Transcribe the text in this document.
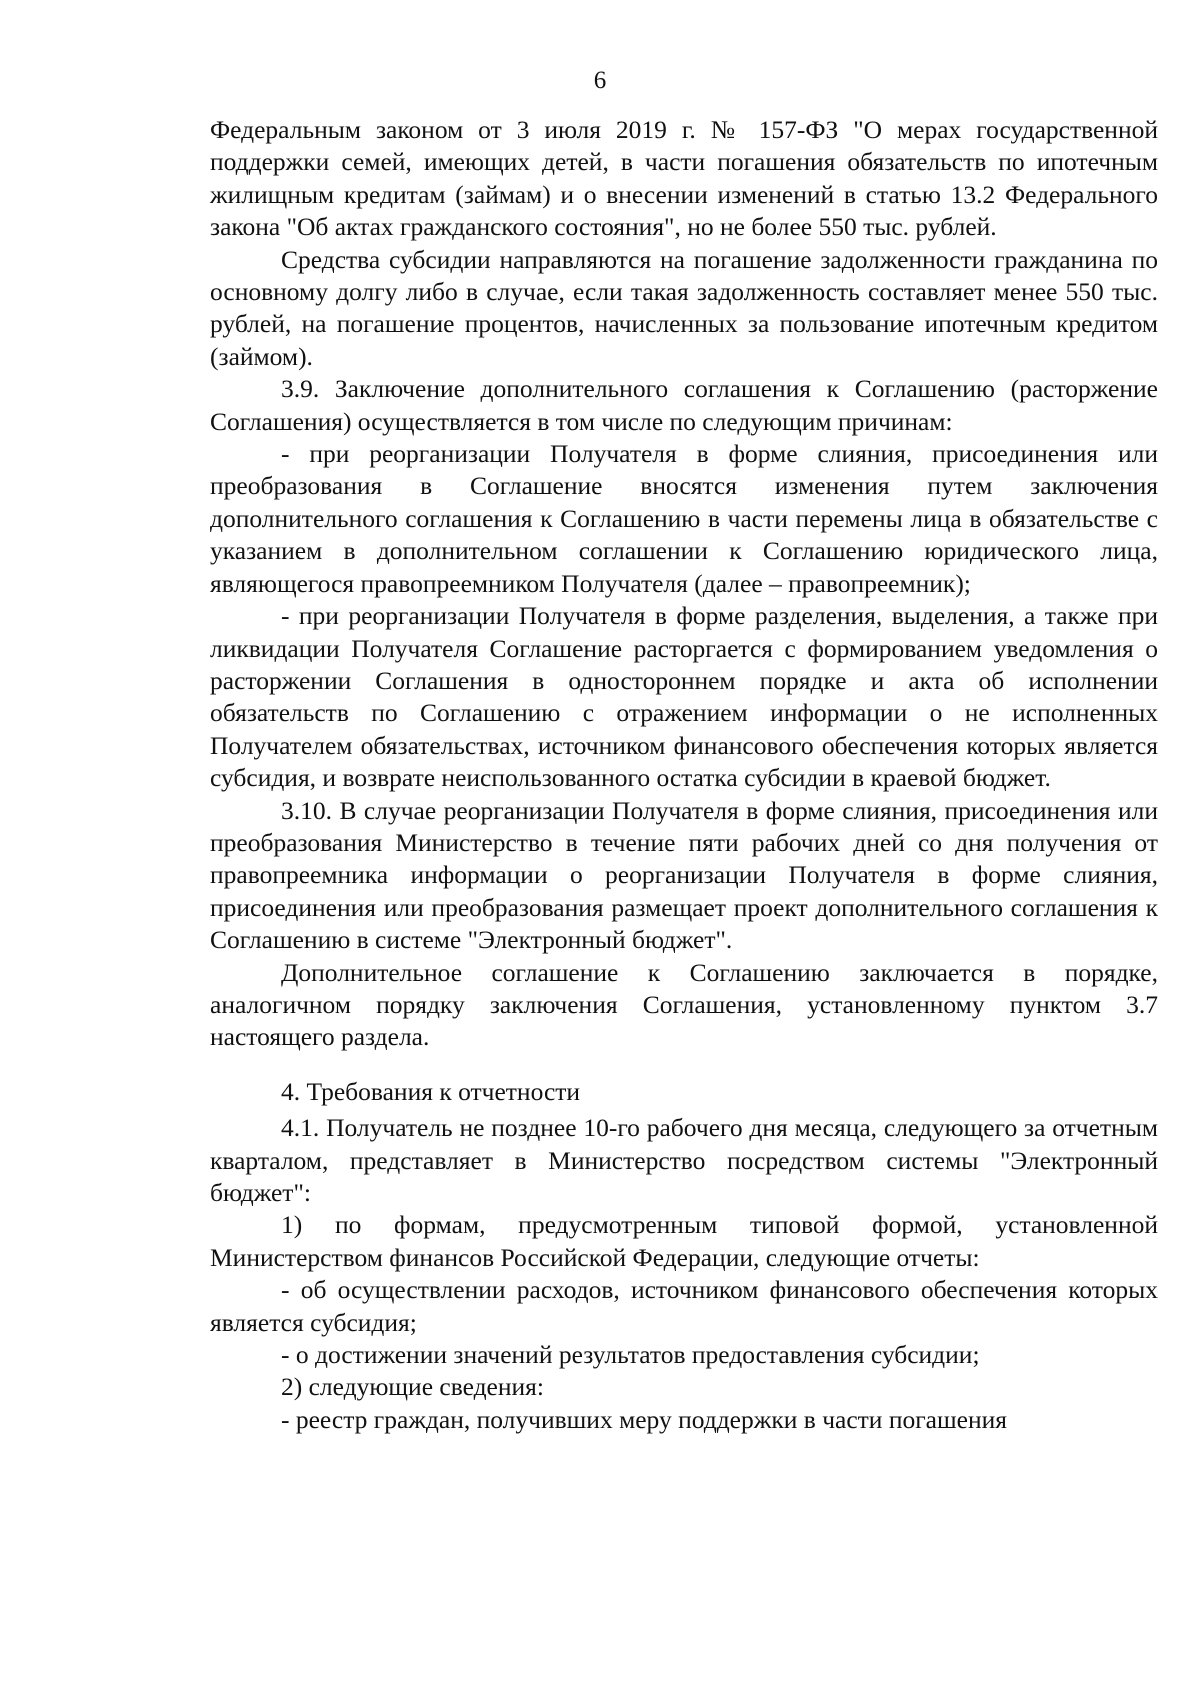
6

Федеральным законом от 3 июля 2019 г. № 157-ФЗ "О мерах государственной поддержки семей, имеющих детей, в части погашения обязательств по ипотечным жилищным кредитам (займам) и о внесении изменений в статью 13.2 Федерального закона "Об актах гражданского состояния", но не более 550 тыс. рублей.

Средства субсидии направляются на погашение задолженности гражданина по основному долгу либо в случае, если такая задолженность составляет менее 550 тыс. рублей, на погашение процентов, начисленных за пользование ипотечным кредитом (займом).

3.9. Заключение дополнительного соглашения к Соглашению (расторжение Соглашения) осуществляется в том числе по следующим причинам:

- при реорганизации Получателя в форме слияния, присоединения или преобразования в Соглашение вносятся изменения путем заключения дополнительного соглашения к Соглашению в части перемены лица в обязательстве с указанием в дополнительном соглашении к Соглашению юридического лица, являющегося правопреемником Получателя (далее – правопреемник);

- при реорганизации Получателя в форме разделения, выделения, а также при ликвидации Получателя Соглашение расторгается с формированием уведомления о расторжении Соглашения в одностороннем порядке и акта об исполнении обязательств по Соглашению с отражением информации о не исполненных Получателем обязательствах, источником финансового обеспечения которых является субсидия, и возврате неиспользованного остатка субсидии в краевой бюджет.

3.10. В случае реорганизации Получателя в форме слияния, присоединения или преобразования Министерство в течение пяти рабочих дней со дня получения от правопреемника информации о реорганизации Получателя в форме слияния, присоединения или преобразования размещает проект дополнительного соглашения к Соглашению в системе "Электронный бюджет".

Дополнительное соглашение к Соглашению заключается в порядке, аналогичном порядку заключения Соглашения, установленному пунктом 3.7 настоящего раздела.

4. Требования к отчетности

4.1. Получатель не позднее 10-го рабочего дня месяца, следующего за отчетным кварталом, представляет в Министерство посредством системы "Электронный бюджет":

1) по формам, предусмотренным типовой формой, установленной Министерством финансов Российской Федерации, следующие отчеты:

- об осуществлении расходов, источником финансового обеспечения которых является субсидия;

- о достижении значений результатов предоставления субсидии;

2) следующие сведения:

- реестр граждан, получивших меру поддержки в части погашения
